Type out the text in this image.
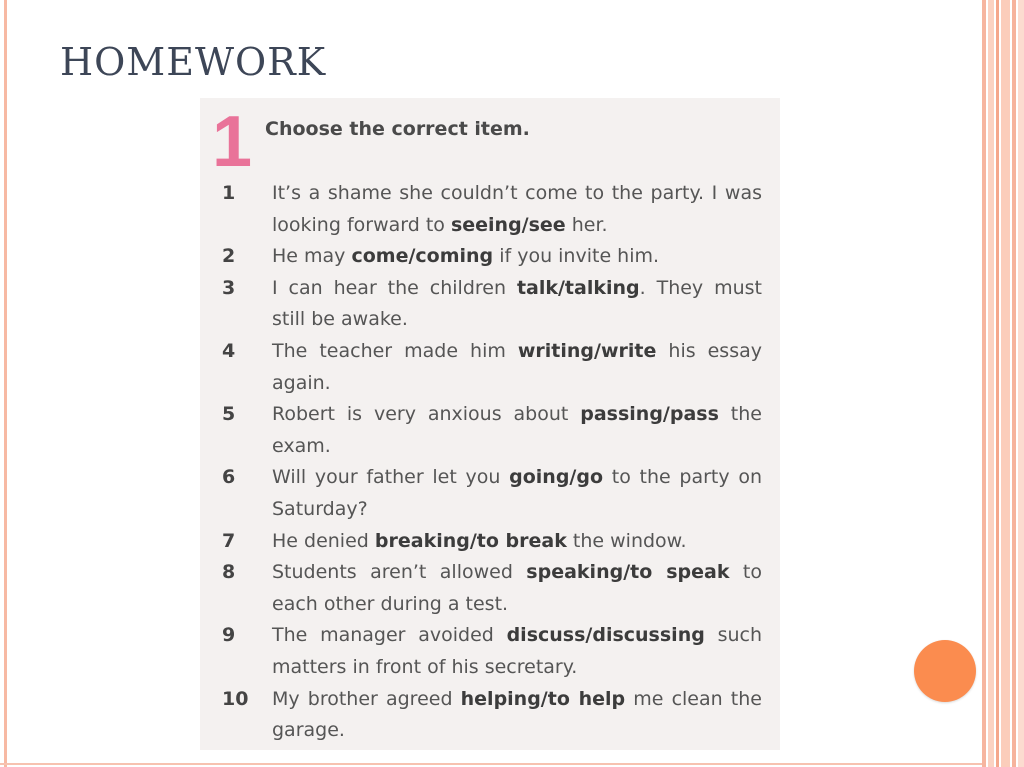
HOMEWORK
1 Choose the correct item.
1	It’s a shame she couldn’t come to the party. I was looking forward to seeing/see her.
2	He may come/coming if you invite him.
3	I can hear the children talk/talking. They must still be awake.
4	The teacher made him writing/write his essay again.
5	Robert is very anxious about passing/pass the exam.
6	Will your father let you going/go to the party on Saturday?
7	He denied breaking/to break the window.
8	Students aren’t allowed speaking/to speak to each other during a test.
9	The manager avoided discuss/discussing such matters in front of his secretary.
10 My brother agreed helping/to help me clean the garage.
